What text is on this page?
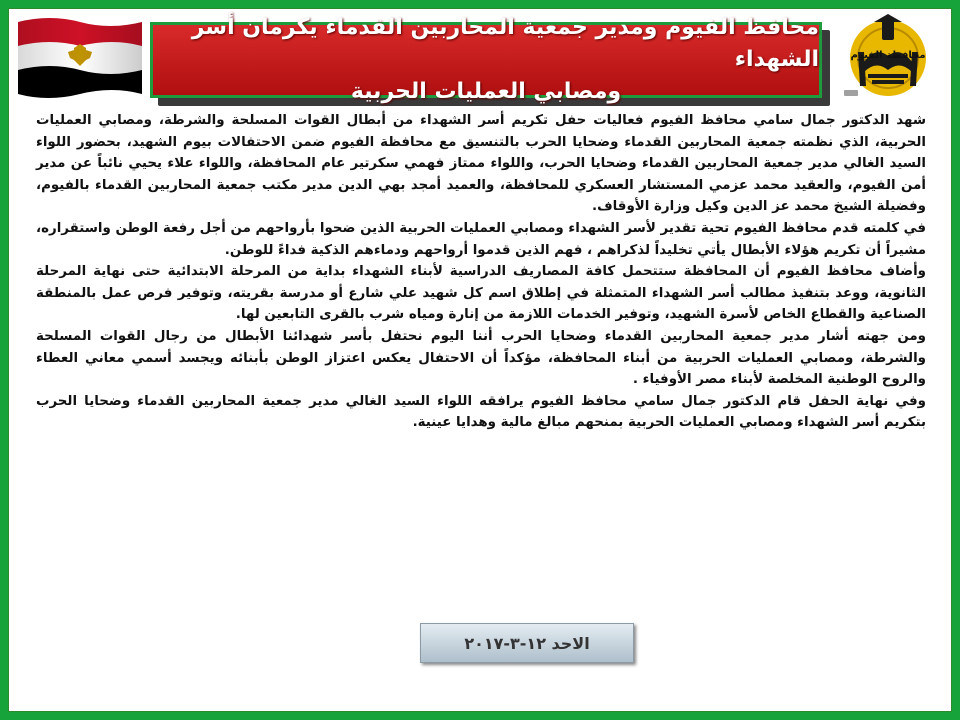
محافظة الفيوم
محافظ الفيوم ومدير جمعية المحاربين القدماء يكرمان أسر الشهداء
ومصابي العمليات الحربية

شهد الدكتور جمال سامي محافظ الفيوم فعاليات حفل تكريم أسر الشهداء من أبطال القوات المسلحة والشرطة، ومصابي العمليات الحربية، الذي نظمته جمعية المحاربين القدماء وضحايا الحرب بالتنسيق مع محافظة الفيوم ضمن الاحتفالات بيوم الشهيد، بحضور اللواء السيد الغالي مدير جمعية المحاربين القدماء وضحايا الحرب، واللواء ممتاز فهمي سكرتير عام المحافظة، واللواء علاء يحيي نائباً عن مدير أمن الفيوم، والعقيد محمد عزمي المستشار العسكري للمحافظة، والعميد أمجد بهي الدين مدير مكتب جمعية المحاربين القدماء بالفيوم، وفضيلة الشيخ محمد عز الدين وكيل وزارة الأوقاف.

في كلمته قدم محافظ الفيوم تحية تقدير لأسر الشهداء ومصابي العمليات الحربية الذين ضحوا بأرواحهم من أجل رفعة الوطن واستقراره، مشيراً أن تكريم هؤلاء الأبطال يأتي تخليداً لذكراهم ، فهم الذين قدموا أرواحهم ودماءهم الذكية فداءً للوطن.

وأضاف محافظ الفيوم أن المحافظة ستتحمل كافة المصاريف الدراسية لأبناء الشهداء بداية من المرحلة الابتدائية حتى نهاية المرحلة الثانوية، ووعد بتنفيذ مطالب أسر الشهداء المتمثلة في إطلاق اسم كل شهيد علي شارع أو مدرسة بقريته، وتوفير فرص عمل بالمنطقة الصناعية والقطاع الخاص لأسرة الشهيد، وتوفير الخدمات اللازمة من إنارة ومياه شرب بالقرى التابعين لها.

ومن جهته أشار مدير جمعية المحاربين القدماء وضحايا الحرب أننا اليوم نحتفل بأسر شهدائنا الأبطال من رجال القوات المسلحة والشرطة، ومصابي العمليات الحربية من أبناء المحافظة، مؤكداً أن الاحتفال يعكس اعتزاز الوطن بأبنائه ويجسد أسمي معاني العطاء والروح الوطنية المخلصة لأبناء مصر الأوفياء .

وفي نهاية الحفل قام الدكتور جمال سامي محافظ الفيوم يرافقه اللواء السيد الغالي مدير جمعية المحاربين القدماء وضحايا الحرب بتكريم أسر الشهداء ومصابي العمليات الحربية بمنحهم مبالغ مالية وهدايا عينية.

الاحد ١٢-٣-٢٠١٧
